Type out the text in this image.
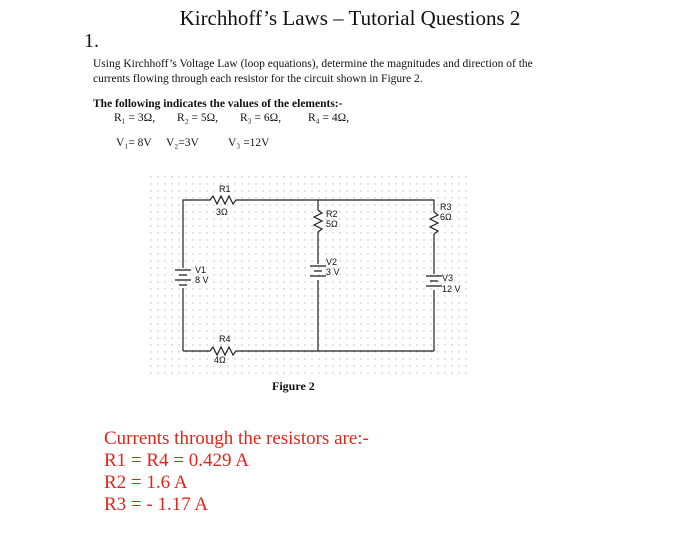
Kirchhoff’s Laws – Tutorial Questions 2
1.
Using Kirchhoff’s Voltage Law (loop equations), determine the magnitudes and direction of the currents flowing through each resistor for the circuit shown in Figure 2.
The following indicates the values of the elements:-
R₁ = 3Ω, R₂ = 5Ω, R₃ = 6Ω, R₄ = 4Ω,
V₁= 8V V₂=3V	V₃ =12V
R1
3Ω	R2
5Ω
R3
6Ω
R4
4Ω
V1
8 V
V2
3 V
V3
12 V
Figure 2
Currents through the resistors are:-
R1 = R4 = 0.429 A
R2 = 1.6 A
R3 = - 1.17 A
